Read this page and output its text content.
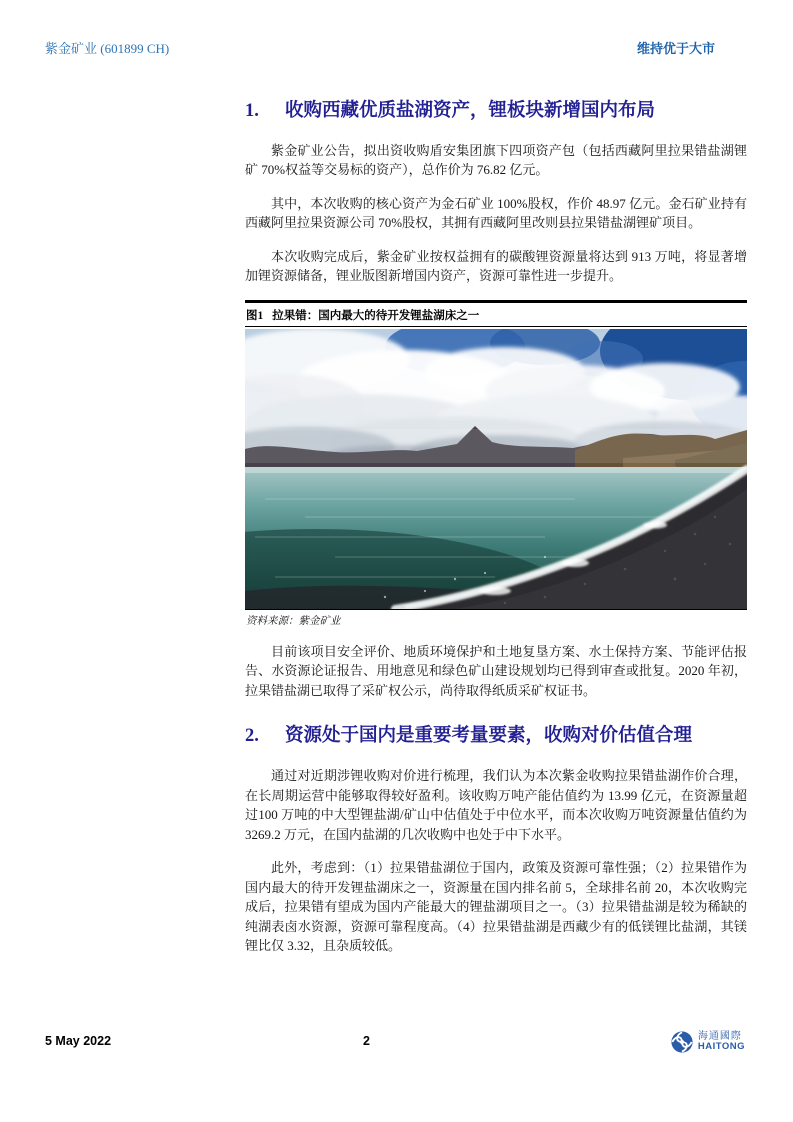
紫金矿业 (601899 CH)	维持优于大市
1.	收购西藏优质盐湖资产，锂板块新增国内布局

紫金矿业公告，拟出资收购盾安集团旗下四项资产包（包括西藏阿里拉果错盐湖锂矿 70%权益等交易标的资产），总作价为 76.82 亿元。

其中，本次收购的核心资产为金石矿业 100%股权，作价 48.97 亿元。金石矿业持有西藏阿里拉果资源公司 70%股权，其拥有西藏阿里改则县拉果错盐湖锂矿项目。

本次收购完成后，紫金矿业按权益拥有的碳酸锂资源量将达到 913 万吨，将显著增加锂资源储备，锂业版图新增国内资产，资源可靠性进一步提升。

图1 拉果错：国内最大的待开发锂盐湖床之一
资料来源：紫金矿业

目前该项目安全评价、地质环境保护和土地复垦方案、水土保持方案、节能评估报告、水资源论证报告、用地意见和绿色矿山建设规划均已得到审查或批复。2020 年初，拉果错盐湖已取得了采矿权公示，尚待取得纸质采矿权证书。

2.	资源处于国内是重要考量要素，收购对价估值合理

通过对近期涉锂收购对价进行梳理，我们认为本次紫金收购拉果错盐湖作价合理，在长周期运营中能够取得较好盈利。该收购万吨产能估值约为 13.99 亿元，在资源量超过100 万吨的中大型锂盐湖/矿山中估值处于中位水平，而本次收购万吨资源量估值约为 3269.2 万元，在国内盐湖的几次收购中也处于中下水平。

此外，考虑到：（1）拉果错盐湖位于国内，政策及资源可靠性强；（2）拉果错作为国内最大的待开发锂盐湖床之一，资源量在国内排名前 5，全球排名前 20，本次收购完成后，拉果错有望成为国内产能最大的锂盐湖项目之一。（3）拉果错盐湖是较为稀缺的纯湖表卤水资源，资源可靠程度高。（4）拉果错盐湖是西藏少有的低镁锂比盐湖，其镁锂比仅 3.32，且杂质较低。

5 May 2022	2	海通國際
HAITONG
